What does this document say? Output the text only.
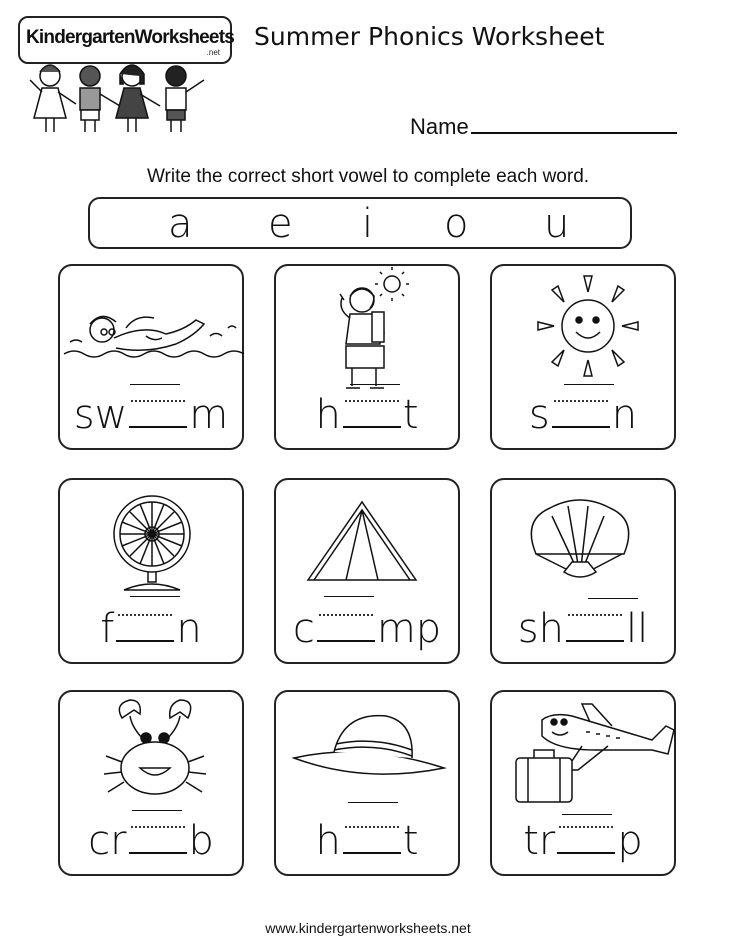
KindergartenWorksheets
.net
Summer Phonics Worksheet
Name
Write the correct short vowel to complete each word.
a e i o u
sw m	h t	s n
f n	c mp	sh ll
cr b	h t	tr p
www.kindergartenworksheets.net
